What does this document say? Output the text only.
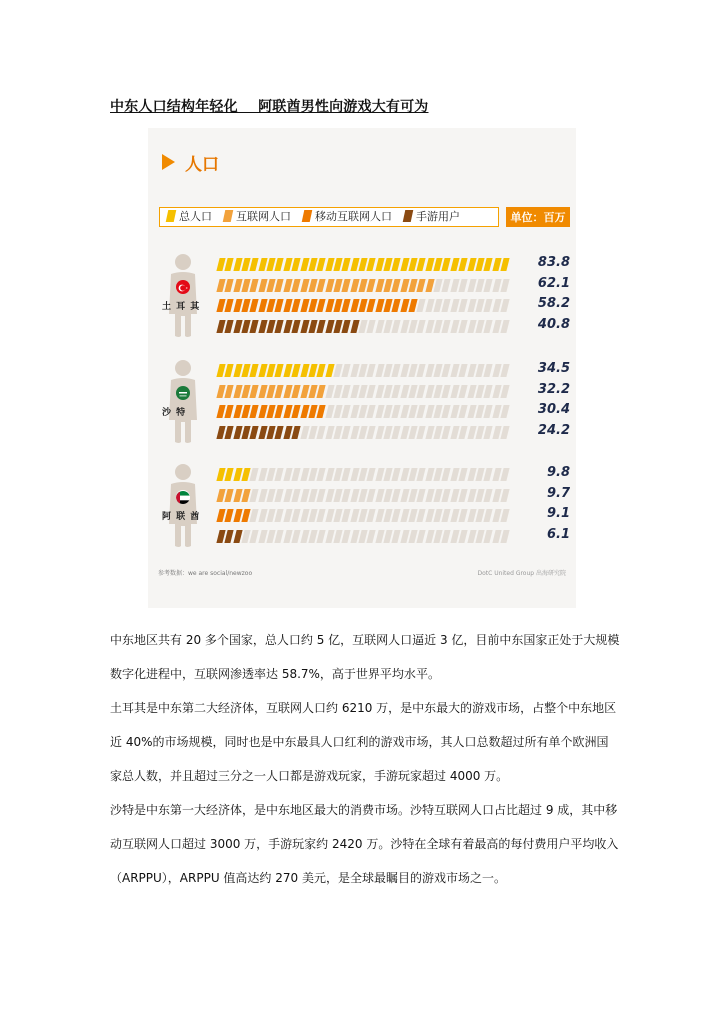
中东人口结构年轻化    阿联酋男性向游戏大有可为
人口
总人口 互联网人口 移动互联网人口 手游用户	单位：百万
土 耳 其
83.8
62.1
58.2
40.8
沙 特
34.5
32.2
30.4
24.2
阿 联 酋
9.8
9.7
9.1
6.1
参考数据：we are social/newzoo	DotC United Group 出海研究院
中东地区共有 20 多个国家，总人口约 5 亿，互联网人口逼近 3 亿，目前中东国家正处于大规模数字化进程中，互联网渗透率达 58.7%，高于世界平均水平。
土耳其是中东第二大经济体，互联网人口约 6210 万，是中东最大的游戏市场，占整个中东地区近 40%的市场规模，同时也是中东最具人口红利的游戏市场，其人口总数超过所有单个欧洲国家总人数，并且超过三分之一人口都是游戏玩家，手游玩家超过 4000 万。
沙特是中东第一大经济体，是中东地区最大的消费市场。沙特互联网人口占比超过 9 成，其中移动互联网人口超过 3000 万，手游玩家约 2420 万。沙特在全球有着最高的每付费用户平均收入（ARPPU），ARPPU 值高达约 270 美元，是全球最瞩目的游戏市场之一。
